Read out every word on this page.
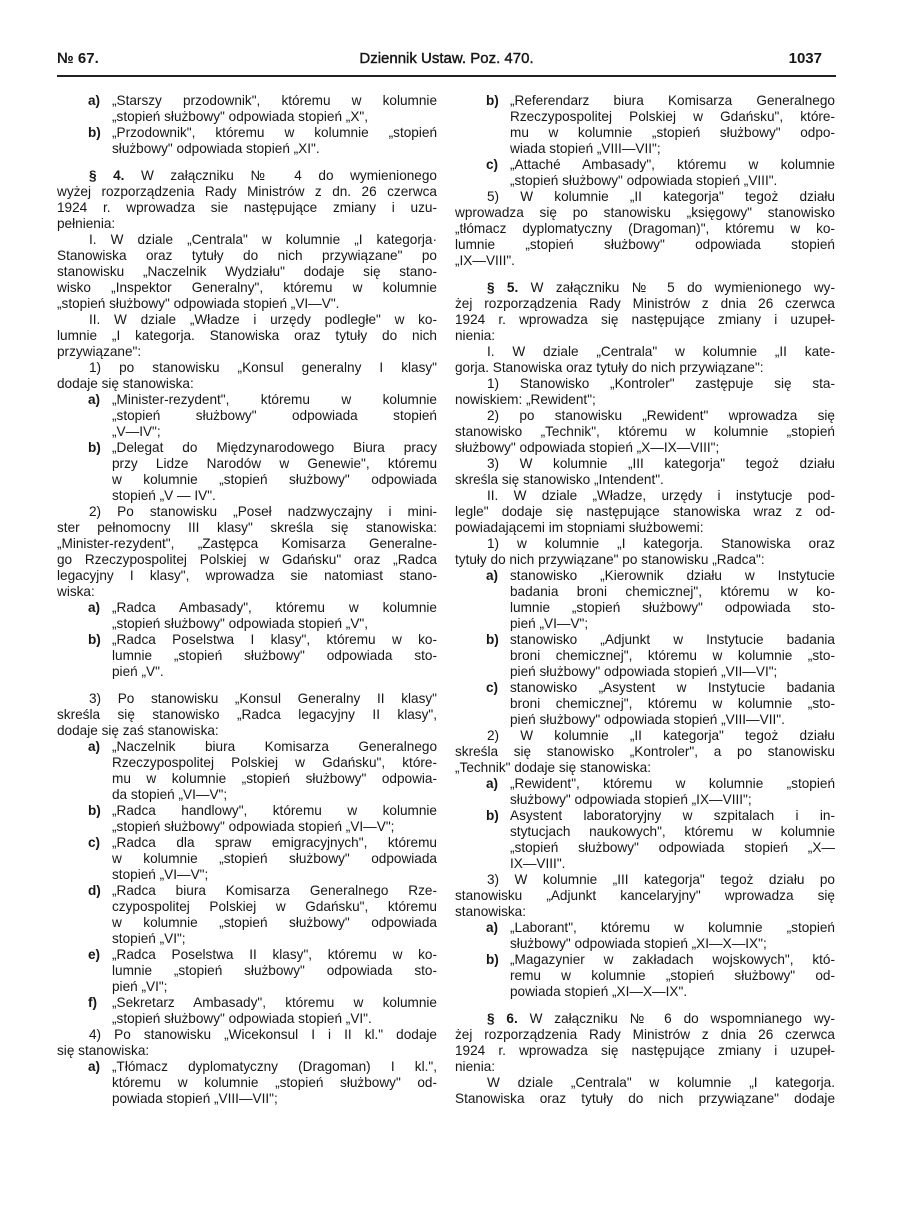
№ 67.	Dziennik Ustaw. Poz. 470.	1037
a) „Starszy przodownik", któremu w kolumnie
„stopień służbowy" odpowiada stopień „X",
b) „Przodownik", któremu w kolumnie „stopień
służbowy" odpowiada stopień „XI".
§ 4. W załączniku № 4 do wymienionego
wyżej rozporządzenia Rady Ministrów z dn. 26 czerwca
1924 r. wprowadza sie następujące zmiany i uzu-
pełnienia:
I. W dziale „Centrala" w kolumnie „I kategorja·
Stanowiska oraz tytuły do nich przywiązane" po
stanowisku „Naczelnik Wydziału" dodaje się stano-
wisko „Inspektor Generalny", któremu w kolumnie
„stopień służbowy" odpowiada stopień „VI—V".
II. W dziale „Władze i urzędy podległe" w ko-
lumnie „I kategorja. Stanowiska oraz tytuły do nich
przywiązane":
1) po stanowisku „Konsul generalny I klasy"
dodaje się stanowiska:
a) „Minister-rezydent", któremu w kolumnie
„stopień służbowy" odpowiada stopień
„V—IV";
b) „Delegat do Międzynarodowego Biura pracy
przy Lidze Narodów w Genewie", któremu
w kolumnie „stopień służbowy" odpowiada
stopień „V — IV".
2) Po stanowisku „Poseł nadzwyczajny i mini-
ster pełnomocny III klasy" skreśla się stanowiska:
„Minister-rezydent", „Zastępca Komisarza Generalne-
go Rzeczypospolitej Polskiej w Gdańsku" oraz „Radca
legacyjny I klasy", wprowadza sie natomiast stano-
wiska:
a) „Radca Ambasady", któremu w kolumnie
„stopień służbowy" odpowiada stopień „V",
b) „Radca Poselstwa I klasy", któremu w ko-
lumnie „stopień służbowy" odpowiada sto-
pień „V".
3) Po stanowisku „Konsul Generalny II klasy"
skreśla się stanowisko „Radca legacyjny II klasy",
dodaje się zaś stanowiska:
a) „Naczelnik biura Komisarza Generalnego
Rzeczypospolitej Polskiej w Gdańsku", które-
mu w kolumnie „stopień służbowy" odpowia-
da stopień „VI—V";
b) „Radca handlowy", któremu w kolumnie
„stopień służbowy" odpowiada stopień „VI—V";
c) „Radca dla spraw emigracyjnych", któremu
w kolumnie „stopień służbowy" odpowiada
stopień „VI—V";
d) „Radca biura Komisarza Generalnego Rze-
czypospolitej Polskiej w Gdańsku", któremu
w kolumnie „stopień służbowy" odpowiada
stopień „VI";
e) „Radca Poselstwa II klasy", któremu w ko-
lumnie „stopień służbowy" odpowiada sto-
pień „VI";
f) „Sekretarz Ambasady", któremu w kolumnie
„stopień służbowy" odpowiada stopień „VI".
4) Po stanowisku „Wicekonsul I i II kl." dodaje
się stanowiska:
a) „Tłómacz dyplomatyczny (Dragoman) I kl.",
któremu w kolumnie „stopień służbowy" od-
powiada stopień „VIII—VII";
b) „Referendarz biura Komisarza Generalnego
Rzeczypospolitej Polskiej w Gdańsku", które-
mu w kolumnie „stopień służbowy" odpo-
wiada stopień „VIII—VII";
c) „Attaché Ambasady", któremu w kolumnie
„stopień służbowy" odpowiada stopień „VIII".
5) W kolumnie „II kategorja" tegoż działu
wprowadza się po stanowisku „księgowy" stanowisko
„tłómacz dyplomatyczny (Dragoman)", któremu w ko-
lumnie „stopień służbowy" odpowiada stopień
„IX—VIII".
§ 5. W załączniku № 5 do wymienionego wy-
żej rozporządzenia Rady Ministrów z dnia 26 czerwca
1924 r. wprowadza się następujące zmiany i uzupeł-
nienia:
I. W dziale „Centrala" w kolumnie „II kate-
gorja. Stanowiska oraz tytuły do nich przywiązane":
1) Stanowisko „Kontroler" zastępuje się sta-
nowiskiem: „Rewident";
2) po stanowisku „Rewident" wprowadza się
stanowisko „Technik", któremu w kolumnie „stopień
służbowy" odpowiada stopień „X—IX—VIII";
3) W kolumnie „III kategorja" tegoż działu
skreśla się stanowisko „Intendent".
II. W dziale „Władze, urzędy i instytucje pod-
legle" dodaje się następujące stanowiska wraz z od-
powiadającemi im stopniami służbowemi:
1) w kolumnie „I kategorja. Stanowiska oraz
tytuły do nich przywiązane" po stanowisku „Radca":
a) stanowisko „Kierownik działu w Instytucie
badania broni chemicznej", któremu w ko-
lumnie „stopień służbowy" odpowiada sto-
pień „VI—V";
b) stanowisko „Adjunkt w Instytucie badania
broni chemicznej", któremu w kolumnie „sto-
pień służbowy" odpowiada stopień „VII—VI";
c) stanowisko „Asystent w Instytucie badania
broni chemicznej", któremu w kolumnie „sto-
pień służbowy" odpowiada stopień „VIII—VII".
2) W kolumnie „II kategorja" tegoż działu
skreśla się stanowisko „Kontroler", a po stanowisku
„Technik" dodaje się stanowiska:
a) „Rewident", któremu w kolumnie „stopień
służbowy" odpowiada stopień „IX—VIII";
b) Asystent laboratoryjny w szpitalach i in-
stytucjach naukowych", któremu w kolumnie
„stopień służbowy" odpowiada stopień „X—
IX—VIII".
3) W kolumnie „III kategorja" tegoż działu po
stanowisku „Adjunkt kancelaryjny" wprowadza się
stanowiska:
a) „Laborant", któremu w kolumnie „stopień
służbowy" odpowiada stopień „XI—X—IX";
b) „Magazynier w zakładach wojskowych", któ-
remu w kolumnie „stopień służbowy" od-
powiada stopień „XI—X—IX".
§ 6. W załączniku № 6 do wspomnianego wy-
żej rozporządzenia Rady Ministrów z dnia 26 czerwca
1924 r. wprowadza się następujące zmiany i uzupeł-
nienia:
W dziale „Centrala" w kolumnie „I kategorja.
Stanowiska oraz tytuły do nich przywiązane" dodaje
